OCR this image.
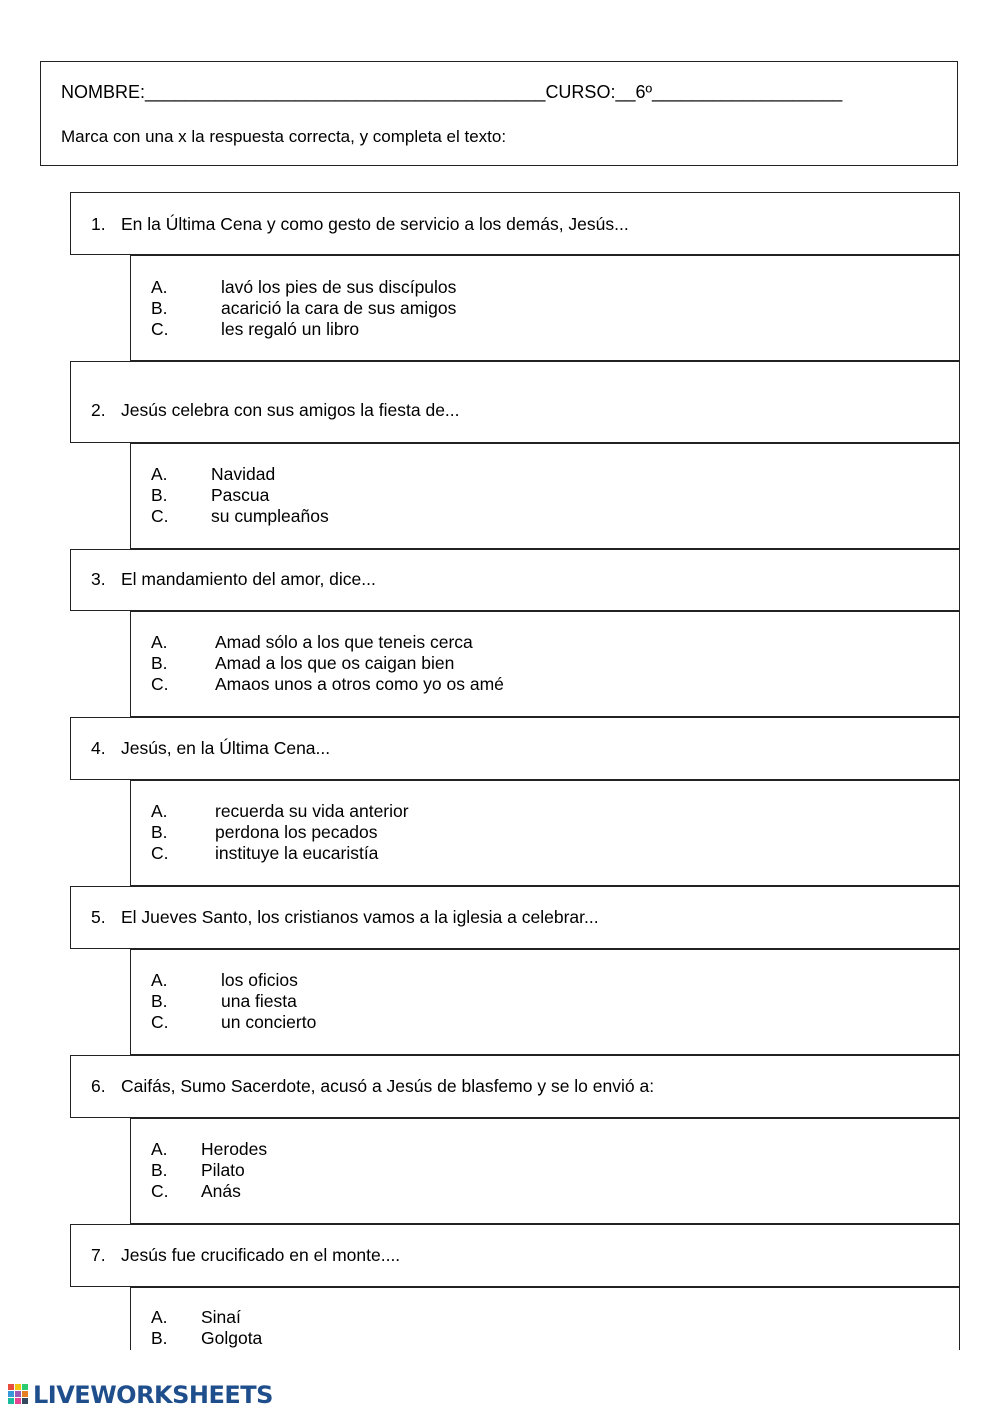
NOMBRE:________________________________________CURSO:__6º___________________
Marca con una x la respuesta correcta, y completa el texto:
1. En la Última Cena y como gesto de servicio a los demás, Jesús...
A.	lavó los pies de sus discípulos
B.	acarició la cara de sus amigos
C.	les regaló un libro
2. Jesús celebra con sus amigos la fiesta de...
A. Navidad
B. Pascua
C. su cumpleaños
3. El mandamiento del amor, dice...
A.	Amad sólo a los que teneis cerca
B.	Amad a los que os caigan bien
C.	Amaos unos a otros como yo os amé
4. Jesús, en la Última Cena...
A.	recuerda su vida anterior
B.	perdona los pecados
C.	instituye la eucaristía
5. El Jueves Santo, los cristianos vamos a la iglesia a celebrar...
A.	los oficios
B.	una fiesta
C.	un concierto
6. Caifás, Sumo Sacerdote, acusó a Jesús de blasfemo y se lo envió a:
A. Herodes
B. Pilato
C. Anás
7. Jesús fue crucificado en el monte....
A. Sinaí
B. Golgota
LIVEWORKSHEETS
